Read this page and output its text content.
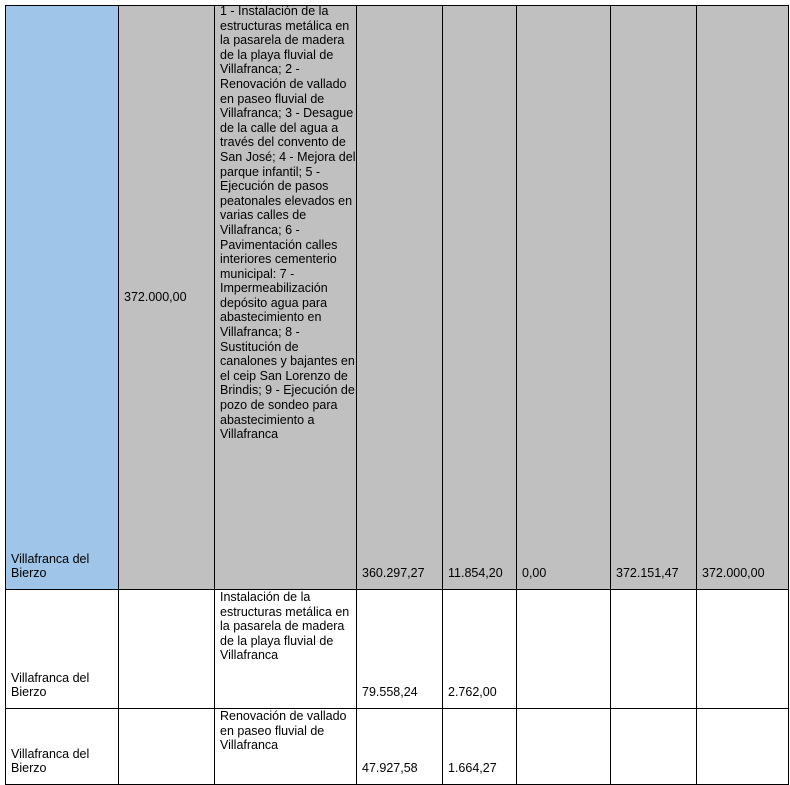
Villafranca del Bierzo	372.000,00	1 - Instalación de la estructuras metálica en la pasarela de madera de la playa fluvial de Villafranca; 2 - Renovación de vallado en paseo fluvial de Villafranca; 3 - Desague de la calle del agua a través del convento de San José; 4 - Mejora del parque infantil; 5 - Ejecución de pasos peatonales elevados en varias calles de Villafranca; 6 - Pavimentación calles interiores cementerio municipal: 7 - Impermeabilización depósito agua para abastecimiento en Villafranca; 8 - Sustitución de canalones y bajantes en el ceip San Lorenzo de Brindis; 9 - Ejecución de pozo de sondeo para abastecimiento a Villafranca	360.297,27	11.854,20	0,00	372.151,47	372.000,00
Villafranca del Bierzo		Instalación de la estructuras metálica en la pasarela de madera de la playa fluvial de Villafranca	79.558,24	2.762,00			
Villafranca del Bierzo		Renovación de vallado en paseo fluvial de Villafranca	47.927,58	1.664,27			
